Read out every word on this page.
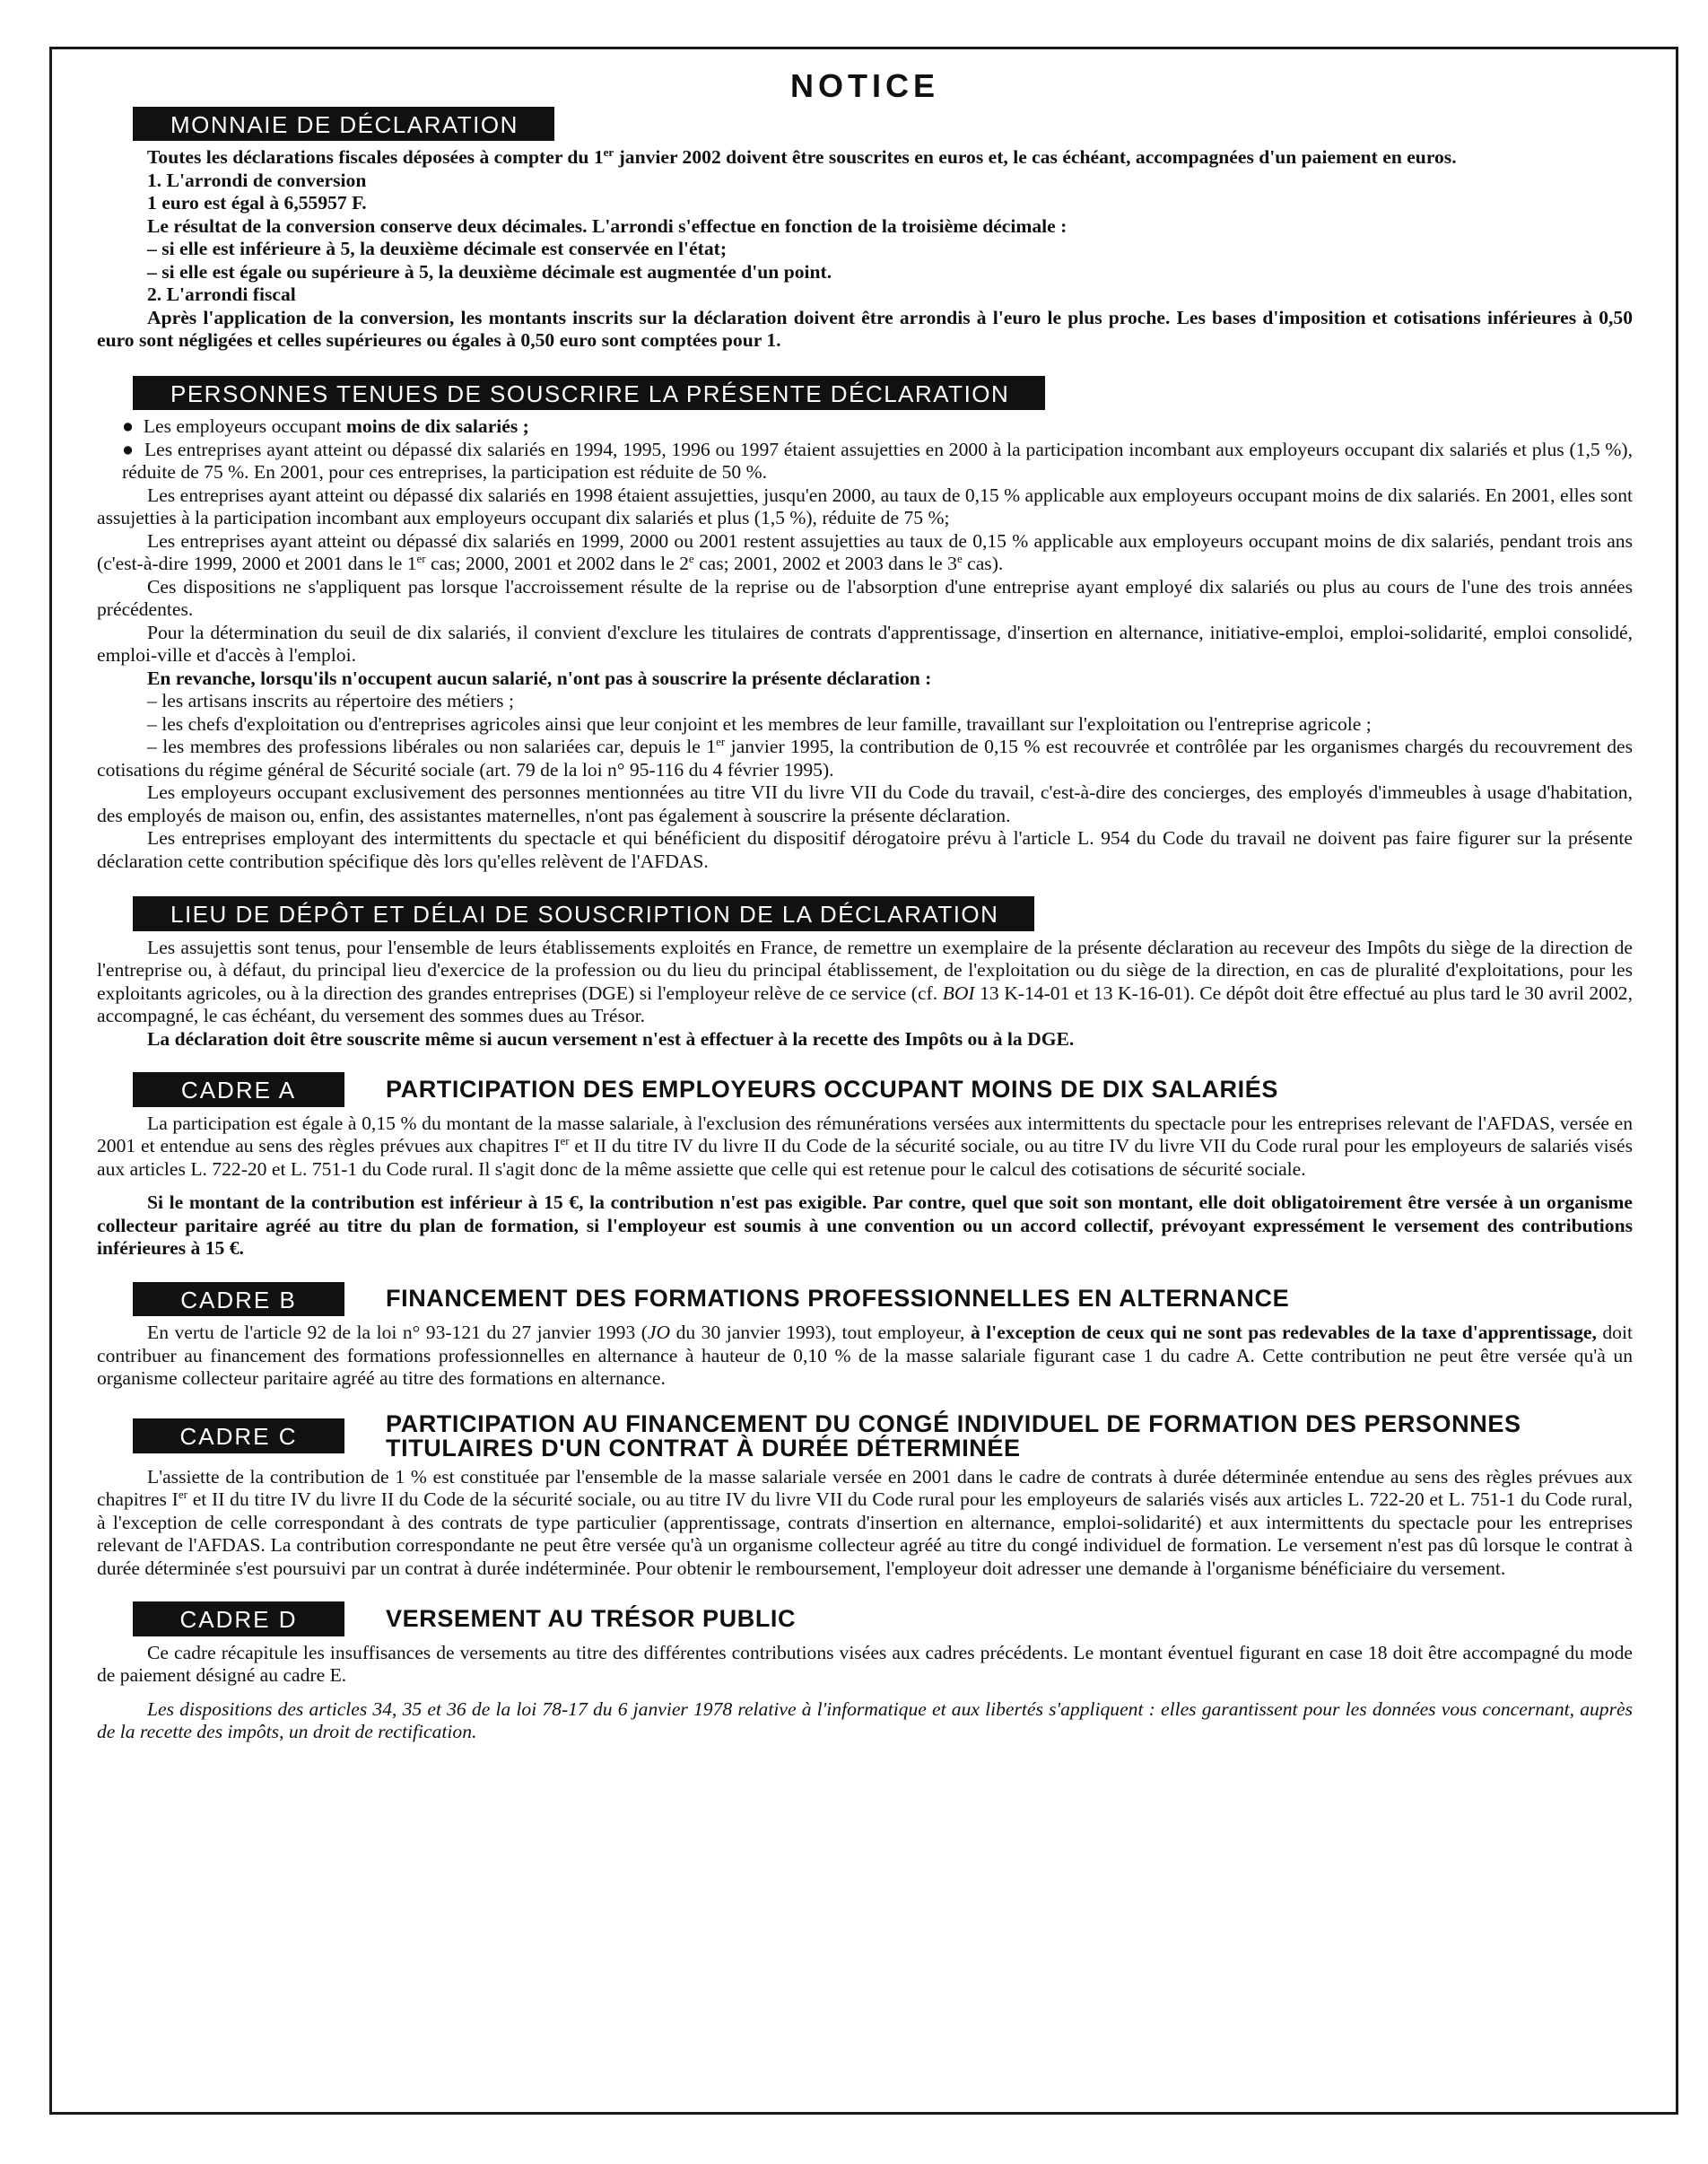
NOTICE
MONNAIE DE DÉCLARATION

Toutes les déclarations fiscales déposées à compter du 1er janvier 2002 doivent être souscrites en euros et, le cas échéant, accompagnées d'un paiement en euros.

1. L'arrondi de conversion

1 euro est égal à 6,55957 F.

Le résultat de la conversion conserve deux décimales. L'arrondi s'effectue en fonction de la troisième décimale :

– si elle est inférieure à 5, la deuxième décimale est conservée en l'état;

– si elle est égale ou supérieure à 5, la deuxième décimale est augmentée d'un point.

2. L'arrondi fiscal

Après l'application de la conversion, les montants inscrits sur la déclaration doivent être arrondis à l'euro le plus proche. Les bases d'imposition et cotisations inférieures à 0,50 euro sont négligées et celles supérieures ou égales à 0,50 euro sont comptées pour 1.

PERSONNES TENUES DE SOUSCRIRE LA PRÉSENTE DÉCLARATION

●  Les employeurs occupant moins de dix salariés ;

●  Les entreprises ayant atteint ou dépassé dix salariés en 1994, 1995, 1996 ou 1997 étaient assujetties en 2000 à la participation incombant aux employeurs occupant dix salariés et plus (1,5 %), réduite de 75 %. En 2001, pour ces entreprises, la participation est réduite de 50 %.

Les entreprises ayant atteint ou dépassé dix salariés en 1998 étaient assujetties, jusqu'en 2000, au taux de 0,15 % applicable aux employeurs occupant moins de dix salariés. En 2001, elles sont assujetties à la participation incombant aux employeurs occupant dix salariés et plus (1,5 %), réduite de 75 %;

Les entreprises ayant atteint ou dépassé dix salariés en 1999, 2000 ou 2001 restent assujetties au taux de 0,15 % applicable aux employeurs occupant moins de dix salariés, pendant trois ans (c'est-à-dire 1999, 2000 et 2001 dans le 1er cas; 2000, 2001 et 2002 dans le 2e cas; 2001, 2002 et 2003 dans le 3e cas).

Ces dispositions ne s'appliquent pas lorsque l'accroissement résulte de la reprise ou de l'absorption d'une entreprise ayant employé dix salariés ou plus au cours de l'une des trois années précédentes.

Pour la détermination du seuil de dix salariés, il convient d'exclure les titulaires de contrats d'apprentissage, d'insertion en alternance, initiative-emploi, emploi-solidarité, emploi consolidé, emploi-ville et d'accès à l'emploi.

En revanche, lorsqu'ils n'occupent aucun salarié, n'ont pas à souscrire la présente déclaration :

– les artisans inscrits au répertoire des métiers ;

– les chefs d'exploitation ou d'entreprises agricoles ainsi que leur conjoint et les membres de leur famille, travaillant sur l'exploitation ou l'entreprise agricole ;

– les membres des professions libérales ou non salariées car, depuis le 1er janvier 1995, la contribution de 0,15 % est recouvrée et contrôlée par les organismes chargés du recouvrement des cotisations du régime général de Sécurité sociale (art. 79 de la loi n° 95-116 du 4 février 1995).

Les employeurs occupant exclusivement des personnes mentionnées au titre VII du livre VII du Code du travail, c'est-à-dire des concierges, des employés d'immeubles à usage d'habitation, des employés de maison ou, enfin, des assistantes maternelles, n'ont pas également à souscrire la présente déclaration.

Les entreprises employant des intermittents du spectacle et qui bénéficient du dispositif dérogatoire prévu à l'article L. 954 du Code du travail ne doivent pas faire figurer sur la présente déclaration cette contribution spécifique dès lors qu'elles relèvent de l'AFDAS.

LIEU DE DÉPÔT ET DÉLAI DE SOUSCRIPTION DE LA DÉCLARATION

Les assujettis sont tenus, pour l'ensemble de leurs établissements exploités en France, de remettre un exemplaire de la présente déclaration au receveur des Impôts du siège de la direction de l'entreprise ou, à défaut, du principal lieu d'exercice de la profession ou du lieu du principal établissement, de l'exploitation ou du siège de la direction, en cas de pluralité d'exploitations, pour les exploitants agricoles, ou à la direction des grandes entreprises (DGE) si l'employeur relève de ce service (cf. BOI 13 K-14-01 et 13 K-16-01). Ce dépôt doit être effectué au plus tard le 30 avril 2002, accompagné, le cas échéant, du versement des sommes dues au Trésor.

La déclaration doit être souscrite même si aucun versement n'est à effectuer à la recette des Impôts ou à la DGE.

CADRE A	PARTICIPATION DES EMPLOYEURS OCCUPANT MOINS DE DIX SALARIÉS

La participation est égale à 0,15 % du montant de la masse salariale, à l'exclusion des rémunérations versées aux intermittents du spectacle pour les entreprises relevant de l'AFDAS, versée en 2001 et entendue au sens des règles prévues aux chapitres Ier et II du titre IV du livre II du Code de la sécurité sociale, ou au titre IV du livre VII du Code rural pour les employeurs de salariés visés aux articles L. 722-20 et L. 751-1 du Code rural. Il s'agit donc de la même assiette que celle qui est retenue pour le calcul des cotisations de sécurité sociale.

Si le montant de la contribution est inférieur à 15 €, la contribution n'est pas exigible. Par contre, quel que soit son montant, elle doit obligatoirement être versée à un organisme collecteur paritaire agréé au titre du plan de formation, si l'employeur est soumis à une convention ou un accord collectif, prévoyant expressément le versement des contributions inférieures à 15 €.

CADRE B	FINANCEMENT DES FORMATIONS PROFESSIONNELLES EN ALTERNANCE

En vertu de l'article 92 de la loi n° 93-121 du 27 janvier 1993 (JO du 30 janvier 1993), tout employeur, à l'exception de ceux qui ne sont pas redevables de la taxe d'apprentissage, doit contribuer au financement des formations professionnelles en alternance à hauteur de 0,10 % de la masse salariale figurant case 1 du cadre A. Cette contribution ne peut être versée qu'à un organisme collecteur paritaire agréé au titre des formations en alternance.

CADRE C	PARTICIPATION AU FINANCEMENT DU CONGÉ INDIVIDUEL DE FORMATION DES PERSONNES TITULAIRES D'UN CONTRAT À DURÉE DÉTERMINÉE

L'assiette de la contribution de 1 % est constituée par l'ensemble de la masse salariale versée en 2001 dans le cadre de contrats à durée déterminée entendue au sens des règles prévues aux chapitres Ier et II du titre IV du livre II du Code de la sécurité sociale, ou au titre IV du livre VII du Code rural pour les employeurs de salariés visés aux articles L. 722-20 et L. 751-1 du Code rural, à l'exception de celle correspondant à des contrats de type particulier (apprentissage, contrats d'insertion en alternance, emploi-solidarité) et aux intermittents du spectacle pour les entreprises relevant de l'AFDAS. La contribution correspondante ne peut être versée qu'à un organisme collecteur agréé au titre du congé individuel de formation. Le versement n'est pas dû lorsque le contrat à durée déterminée s'est poursuivi par un contrat à durée indéterminée. Pour obtenir le remboursement, l'employeur doit adresser une demande à l'organisme bénéficiaire du versement.

CADRE D	VERSEMENT AU TRÉSOR PUBLIC

Ce cadre récapitule les insuffisances de versements au titre des différentes contributions visées aux cadres précédents. Le montant éventuel figurant en case 18 doit être accompagné du mode de paiement désigné au cadre E.

Les dispositions des articles 34, 35 et 36 de la loi 78-17 du 6 janvier 1978 relative à l'informatique et aux libertés s'appliquent : elles garantissent pour les données vous concernant, auprès de la recette des impôts, un droit de rectification.
